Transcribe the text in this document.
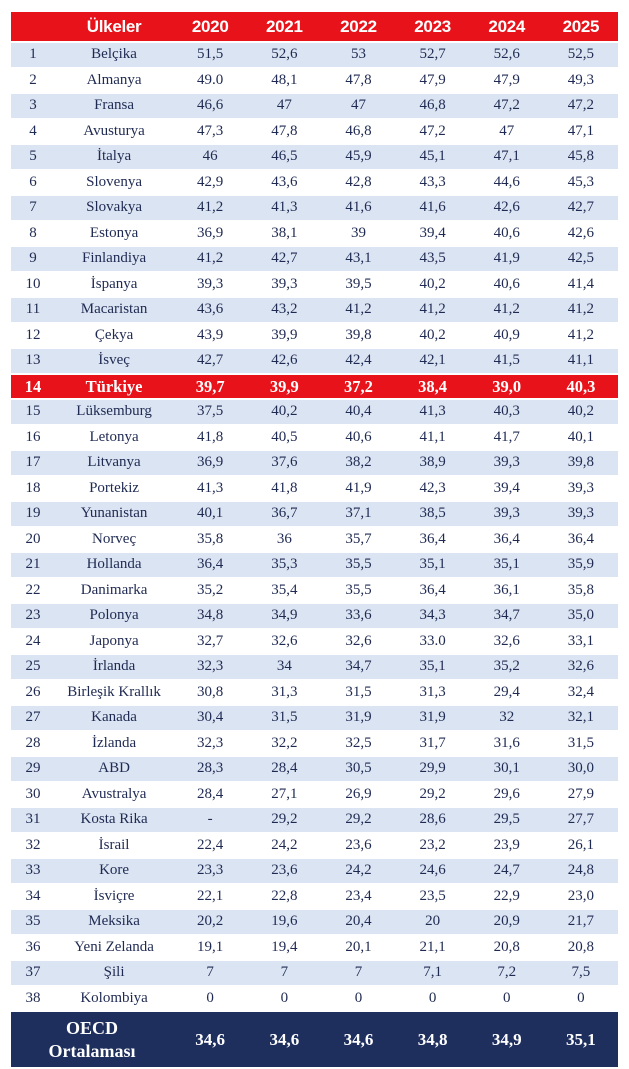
	Ülkeler	2020	2021	2022	2023	2024	2025
1	Belçika	51,5	52,6	53	52,7	52,6	52,5
2	Almanya	49.0	48,1	47,8	47,9	47,9	49,3
3	Fransa	46,6	47	47	46,8	47,2	47,2
4	Avusturya	47,3	47,8	46,8	47,2	47	47,1
5	İtalya	46	46,5	45,9	45,1	47,1	45,8
6	Slovenya	42,9	43,6	42,8	43,3	44,6	45,3
7	Slovakya	41,2	41,3	41,6	41,6	42,6	42,7
8	Estonya	36,9	38,1	39	39,4	40,6	42,6
9	Finlandiya	41,2	42,7	43,1	43,5	41,9	42,5
10	İspanya	39,3	39,3	39,5	40,2	40,6	41,4
11	Macaristan	43,6	43,2	41,2	41,2	41,2	41,2
12	Çekya	43,9	39,9	39,8	40,2	40,9	41,2
13	İsveç	42,7	42,6	42,4	42,1	41,5	41,1
14	Türkiye	39,7	39,9	37,2	38,4	39,0	40,3
15	Lüksemburg	37,5	40,2	40,4	41,3	40,3	40,2
16	Letonya	41,8	40,5	40,6	41,1	41,7	40,1
17	Litvanya	36,9	37,6	38,2	38,9	39,3	39,8
18	Portekiz	41,3	41,8	41,9	42,3	39,4	39,3
19	Yunanistan	40,1	36,7	37,1	38,5	39,3	39,3
20	Norveç	35,8	36	35,7	36,4	36,4	36,4
21	Hollanda	36,4	35,3	35,5	35,1	35,1	35,9
22	Danimarka	35,2	35,4	35,5	36,4	36,1	35,8
23	Polonya	34,8	34,9	33,6	34,3	34,7	35,0
24	Japonya	32,7	32,6	32,6	33.0	32,6	33,1
25	İrlanda	32,3	34	34,7	35,1	35,2	32,6
26	Birleşik Krallık	30,8	31,3	31,5	31,3	29,4	32,4
27	Kanada	30,4	31,5	31,9	31,9	32	32,1
28	İzlanda	32,3	32,2	32,5	31,7	31,6	31,5
29	ABD	28,3	28,4	30,5	29,9	30,1	30,0
30	Avustralya	28,4	27,1	26,9	29,2	29,6	27,9
31	Kosta Rika	-	29,2	29,2	28,6	29,5	27,7
32	İsrail	22,4	24,2	23,6	23,2	23,9	26,1
33	Kore	23,3	23,6	24,2	24,6	24,7	24,8
34	İsviçre	22,1	22,8	23,4	23,5	22,9	23,0
35	Meksika	20,2	19,6	20,4	20	20,9	21,7
36	Yeni Zelanda	19,1	19,4	20,1	21,1	20,8	20,8
37	Şili	7	7	7	7,1	7,2	7,5
38	Kolombiya	0	0	0	0	0	0
OECD
Ortalaması		34,6	34,6	34,6	34,8	34,9	35,1
